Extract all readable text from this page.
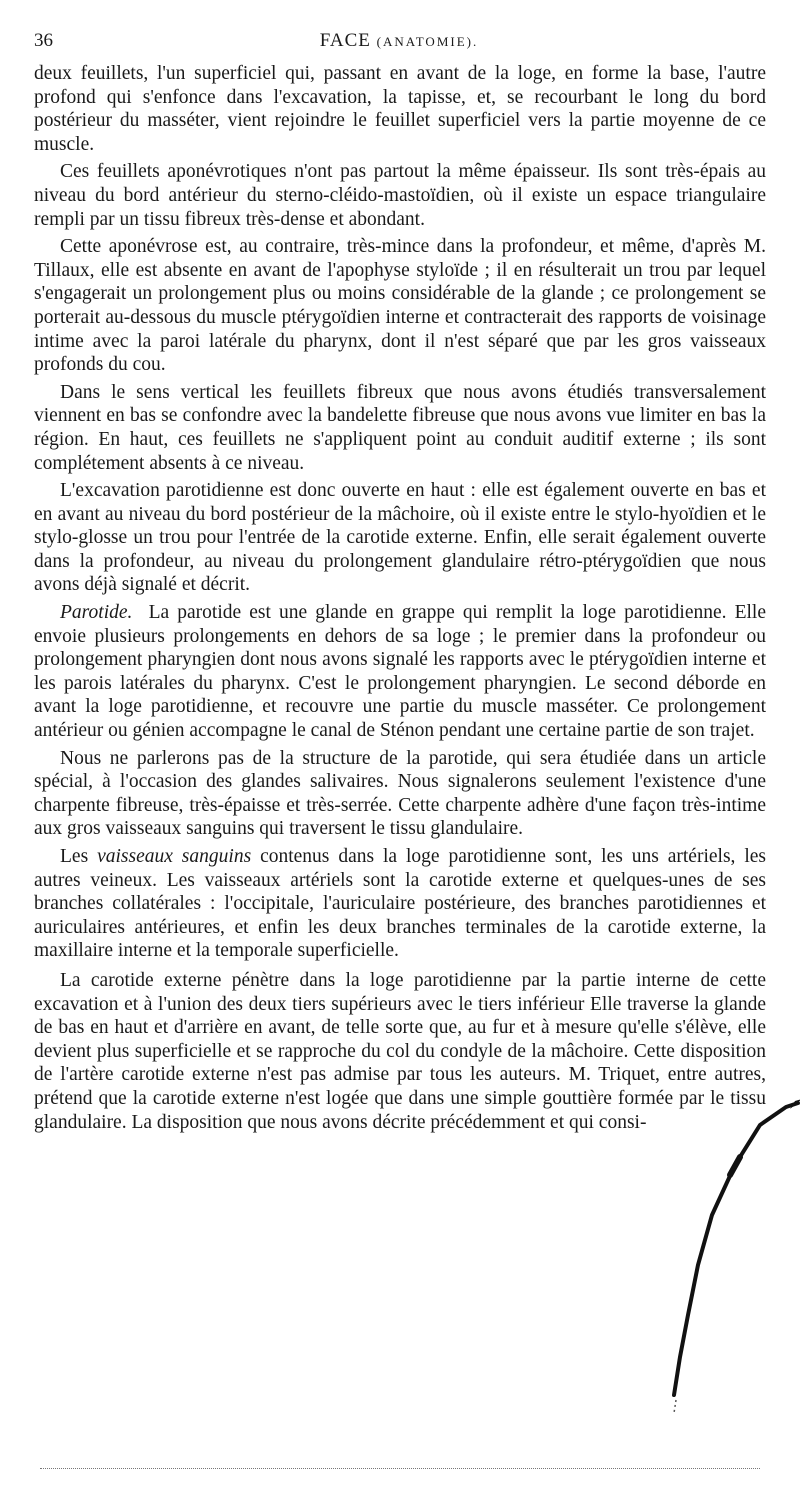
36	FACE (ANATOMIE).

deux feuillets, l'un superficiel qui, passant en avant de la loge, en forme la base, l'autre profond qui s'enfonce dans l'excavation, la tapisse, et, se recourbant le long du bord postérieur du masséter, vient rejoindre le feuillet superficiel vers la partie moyenne de ce muscle.

Ces feuillets aponévrotiques n'ont pas partout la même épaisseur. Ils sont très-épais au niveau du bord antérieur du sterno-cléido-mastoïdien, où il existe un espace triangulaire rempli par un tissu fibreux très-dense et abondant.

Cette aponévrose est, au contraire, très-mince dans la profondeur, et même, d'après M. Tillaux, elle est absente en avant de l'apophyse styloïde ; il en résulterait un trou par lequel s'engagerait un prolongement plus ou moins considérable de la glande ; ce prolongement se porterait au-dessous du muscle ptérygoïdien interne et contracterait des rapports de voisinage intime avec la paroi latérale du pharynx, dont il n'est séparé que par les gros vaisseaux profonds du cou.

Dans le sens vertical les feuillets fibreux que nous avons étudiés transversalement viennent en bas se confondre avec la bandelette fibreuse que nous avons vue limiter en bas la région. En haut, ces feuillets ne s'appliquent point au conduit auditif externe ; ils sont complétement absents à ce niveau.

L'excavation parotidienne est donc ouverte en haut : elle est également ouverte en bas et en avant au niveau du bord postérieur de la mâchoire, où il existe entre le stylo-hyoïdien et le stylo-glosse un trou pour l'entrée de la carotide externe. Enfin, elle serait également ouverte dans la profondeur, au niveau du prolongement glandulaire rétro-ptérygoïdien que nous avons déjà signalé et décrit.

Parotide. La parotide est une glande en grappe qui remplit la loge parotidienne. Elle envoie plusieurs prolongements en dehors de sa loge ; le premier dans la profondeur ou prolongement pharyngien dont nous avons signalé les rapports avec le ptérygoïdien interne et les parois latérales du pharynx. C'est le prolongement pharyngien. Le second déborde en avant la loge parotidienne, et recouvre une partie du muscle masséter. Ce prolongement antérieur ou génien accompagne le canal de Sténon pendant une certaine partie de son trajet.

Nous ne parlerons pas de la structure de la parotide, qui sera étudiée dans un article spécial, à l'occasion des glandes salivaires. Nous signalerons seulement l'existence d'une charpente fibreuse, très-épaisse et très-serrée. Cette charpente adhère d'une façon très-intime aux gros vaisseaux sanguins qui traversent le tissu glandulaire.

Les vaisseaux sanguins contenus dans la loge parotidienne sont, les uns artériels, les autres veineux. Les vaisseaux artériels sont la carotide externe et quelques-unes de ses branches collatérales : l'occipitale, l'auriculaire postérieure, des branches parotidiennes et auriculaires antérieures, et enfin les deux branches terminales de la carotide externe, la maxillaire interne et la temporale superficielle.

La carotide externe pénètre dans la loge parotidienne par la partie interne de cette excavation et à l'union des deux tiers supérieurs avec le tiers inférieur Elle traverse la glande de bas en haut et d'arrière en avant, de telle sorte que, au fur et à mesure qu'elle s'élève, elle devient plus superficielle et se rapproche du col du condyle de la mâchoire. Cette disposition de l'artère carotide externe n'est pas admise par tous les auteurs. M. Triquet, entre autres, prétend que la carotide externe n'est logée que dans une simple gouttière formée par le tissu glandulaire. La disposition que nous avons décrite précédemment et qui consi-
